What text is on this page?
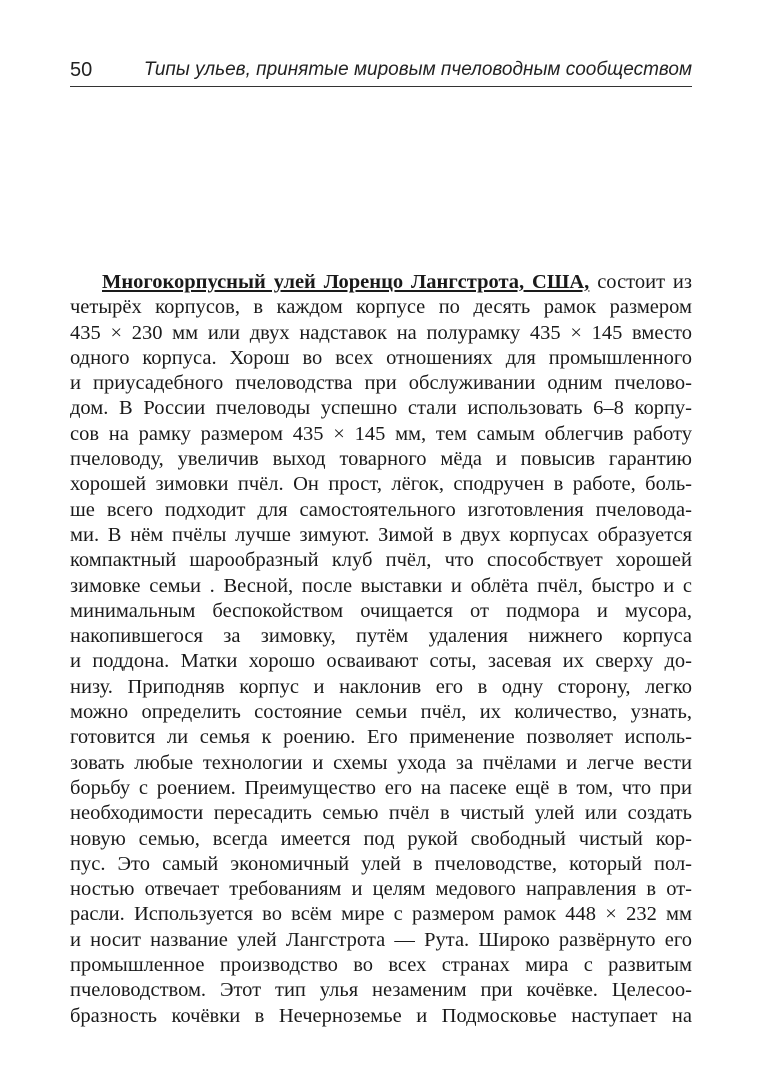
50	Типы ульев, принятые мировым пчеловодным сообществом
Многокорпусный улей Лоренцо Лангстрота, США, состоит из
четырёх корпусов, в каждом корпусе по десять рамок размером
435 × 230 мм или двух надставок на полурамку 435 × 145 вместо
одного корпуса. Хорош во всех отношениях для промышленного
и приусадебного пчеловодства при обслуживании одним пчелово-
дом. В России пчеловоды успешно стали использовать 6–8 корпу-
сов на рамку размером 435 × 145 мм, тем самым облегчив работу
пчеловоду, увеличив выход товарного мёда и повысив гарантию
хорошей зимовки пчёл. Он прост, лёгок, сподручен в работе, боль-
ше всего подходит для самостоятельного изготовления пчеловода-
ми. В нём пчёлы лучше зимуют. Зимой в двух корпусах образуется
компактный шарообразный клуб пчёл, что способствует хорошей
зимовке семьи . Весной, после выставки и облёта пчёл, быстро и с
минимальным беспокойством очищается от подмора и мусора,
накопившегося за зимовку, путём удаления нижнего корпуса
и поддона. Матки хорошо осваивают соты, засевая их сверху до-
низу. Приподняв корпус и наклонив его в одну сторону, легко
можно определить состояние семьи пчёл, их количество, узнать,
готовится ли семья к роению. Его применение позволяет исполь-
зовать любые технологии и схемы ухода за пчёлами и легче вести
борьбу с роением. Преимущество его на пасеке ещё в том, что при
необходимости пересадить семью пчёл в чистый улей или создать
новую семью, всегда имеется под рукой свободный чистый кор-
пус. Это самый экономичный улей в пчеловодстве, который пол-
ностью отвечает требованиям и целям медового направления в от-
расли. Используется во всём мире с размером рамок 448 × 232 мм
и носит название улей Лангстрота — Рута. Широко развёрнуто его
промышленное производство во всех странах мира с развитым
пчеловодством. Этот тип улья незаменим при кочёвке. Целесоо-
бразность кочёвки в Нечерноземье и Подмосковье наступает на
